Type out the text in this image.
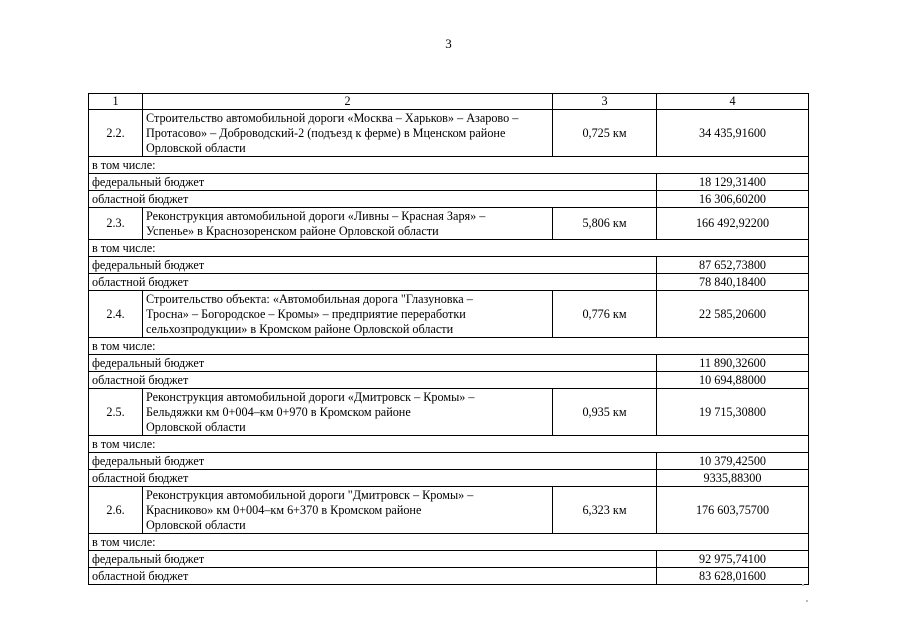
3
1	2	3	4
2.2.	Строительство автомобильной дороги «Москва – Харьков» – Азарово –
Протасово» – Доброводский-2 (подъезд к ферме) в Мценском районе
Орловской области	0,725 км	34 435,91600
в том числе:			
федеральный бюджет			18 129,31400
областной бюджет			16 306,60200
2.3.	Реконструкция автомобильной дороги «Ливны – Красная Заря» –
Успенье» в Краснозоренском районе Орловской области	5,806 км	166 492,92200
в том числе:			
федеральный бюджет			87 652,73800
областной бюджет			78 840,18400
2.4.	Строительство объекта: «Автомобильная дорога "Глазуновка –
Тросна» – Богородское – Кромы» – предприятие переработки
сельхозпродукции» в Кромском районе Орловской области	0,776 км	22 585,20600
в том числе:			
федеральный бюджет			11 890,32600
областной бюджет			10 694,88000
2.5.	Реконструкция автомобильной дороги «Дмитровск – Кромы» –
Бельдяжки км 0+004–км 0+970 в Кромском районе
Орловской области	0,935 км	19 715,30800
в том числе:			
федеральный бюджет			10 379,42500
областной бюджет			9335,88300
2.6.	Реконструкция автомобильной дороги "Дмитровск – Кромы» –
Красниково» км 0+004–км 6+370 в Кромском районе
Орловской области	6,323 км	176 603,75700
в том числе:			
федеральный бюджет			92 975,74100
областной бюджет			83 628,01600
